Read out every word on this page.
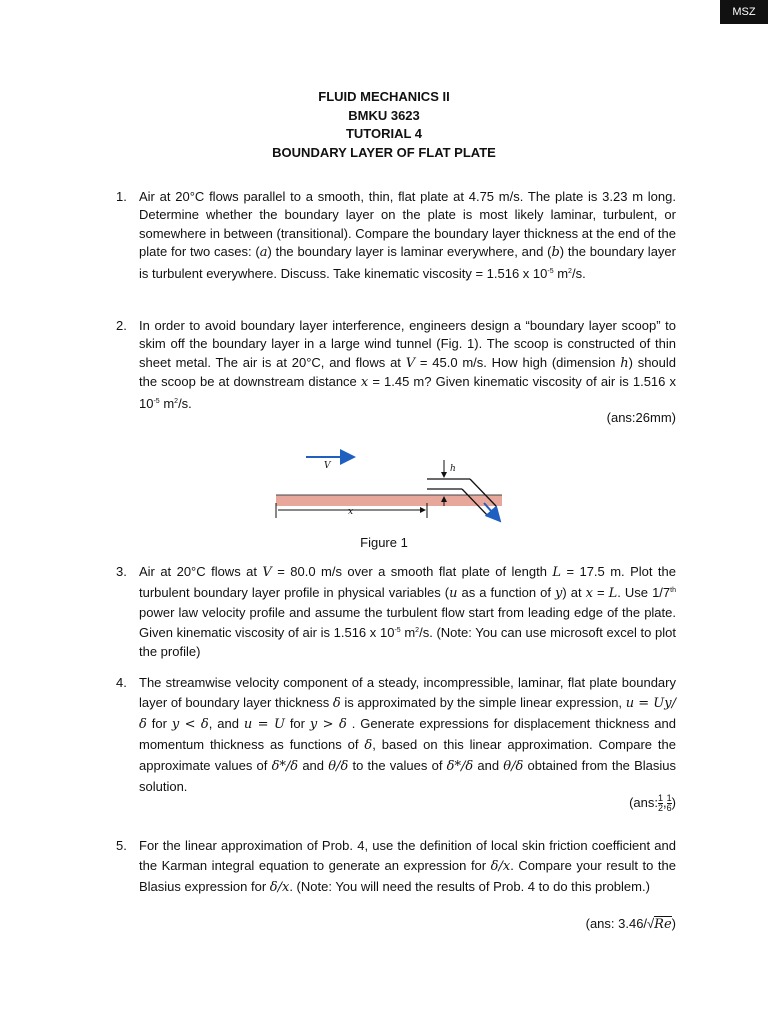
MSZ
FLUID MECHANICS II
BMKU 3623
TUTORIAL 4
BOUNDARY LAYER OF FLAT PLATE
1. Air at 20°C flows parallel to a smooth, thin, flat plate at 4.75 m/s. The plate is 3.23 m long. Determine whether the boundary layer on the plate is most likely laminar, turbulent, or somewhere in between (transitional). Compare the boundary layer thickness at the end of the plate for two cases: (a) the boundary layer is laminar everywhere, and (b) the boundary layer is turbulent everywhere. Discuss. Take kinematic viscosity = 1.516 x $10^{-5}$ $m^2/s$.
2. In order to avoid boundary layer interference, engineers design a “boundary layer scoop” to skim off the boundary layer in a large wind tunnel (Fig. 1). The scoop is constructed of thin sheet metal. The air is at 20°C, and flows at V = 45.0 m/s. How high (dimension h) should the scoop be at downstream distance x = 1.45 m? Given kinematic viscosity of air is 1.516 x $10^{-5}$ $m^2/s$.
(ans:26mm)
V	h
x
Figure 1
3. Air at 20°C flows at V = 80.0 m/s over a smooth flat plate of length L = 17.5 m. Plot the turbulent boundary layer profile in physical variables (u as a function of y) at x = L. Use 1/7th power law velocity profile and assume the turbulent flow start from leading edge of the plate. Given kinematic viscosity of air is 1.516 x $10^{-5}$ $m^2/s$. (Note: You can use microsoft excel to plot the profile)
4. The streamwise velocity component of a steady, incompressible, laminar, flat plate boundary layer of boundary layer thickness δ is approximated by the simple linear expression, u = Uy/δ for y < δ, and u = U for y > δ . Generate expressions for displacement thickness and momentum thickness as functions of δ, based on this linear approximation. Compare the approximate values of δ*/δ and θ/δ to the values of δ*/δ and θ/δ obtained from the Blasius solution.
(ans: $\frac{1}{2}$ , $\frac{1}{6}$ )
5. For the linear approximation of Prob. 4, use the definition of local skin friction coefficient and the Karman integral equation to generate an expression for δ/x. Compare your result to the Blasius expression for δ/x. (Note: You will need the results of Prob. 4 to do this problem.)
(ans: 3.46/√Re)
